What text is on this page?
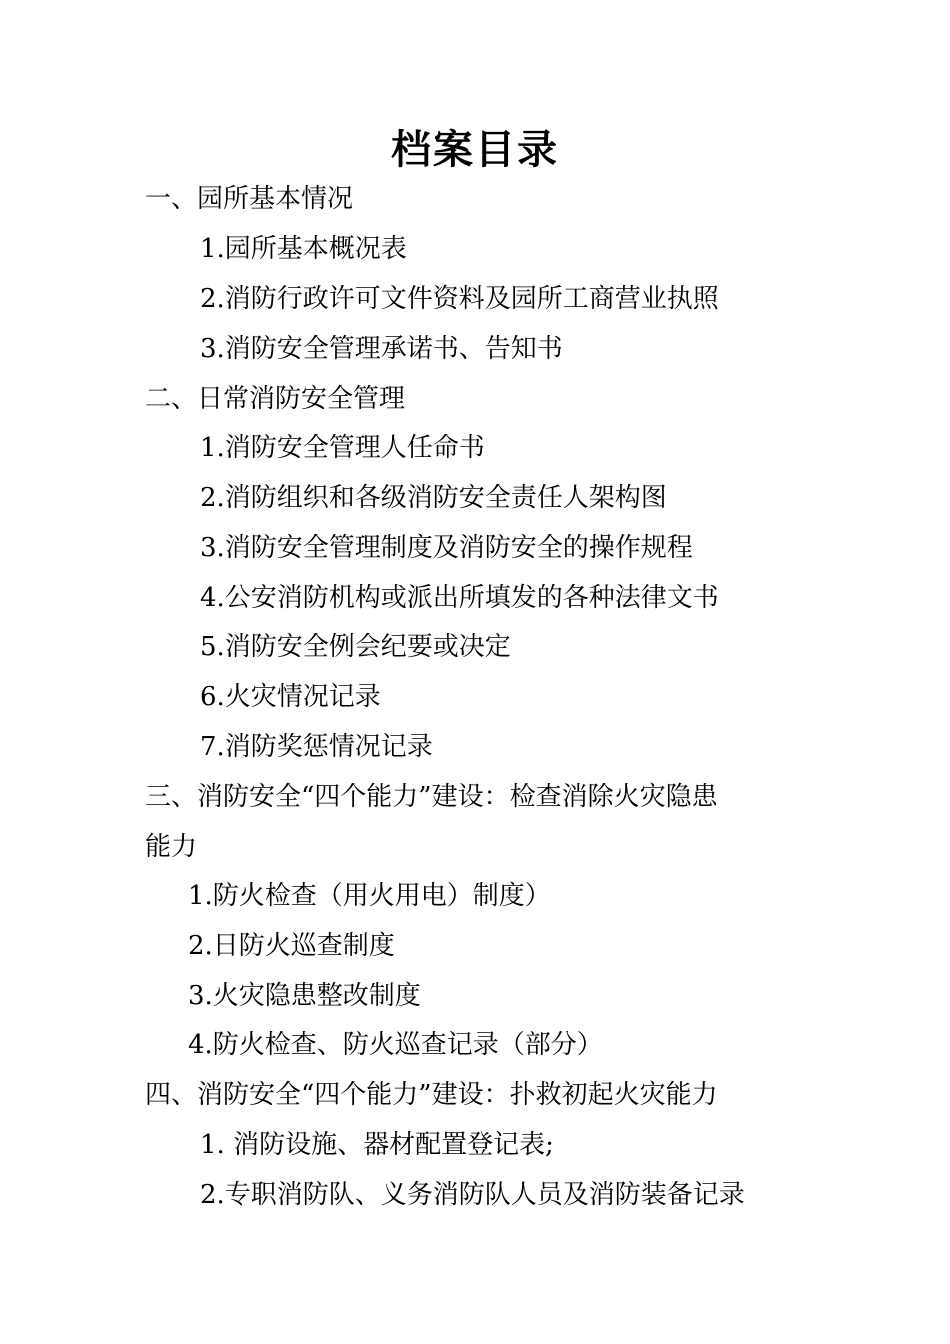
档案目录
一、园所基本情况
1.园所基本概况表
2.消防行政许可文件资料及园所工商营业执照
3.消防安全管理承诺书、告知书
二、日常消防安全管理
1.消防安全管理人任命书
2.消防组织和各级消防安全责任人架构图
3.消防安全管理制度及消防安全的操作规程
4.公安消防机构或派出所填发的各种法律文书
5.消防安全例会纪要或决定
6.火灾情况记录
7.消防奖惩情况记录
三、消防安全“四个能力”建设：检查消除火灾隐患
能力
1.防火检查（用火用电）制度）
2.日防火巡查制度
3.火灾隐患整改制度
4.防火检查、防火巡查记录（部分）
四、消防安全“四个能力”建设：扑救初起火灾能力
1. 消防设施、器材配置登记表;
2.专职消防队、义务消防队人员及消防装备记录
